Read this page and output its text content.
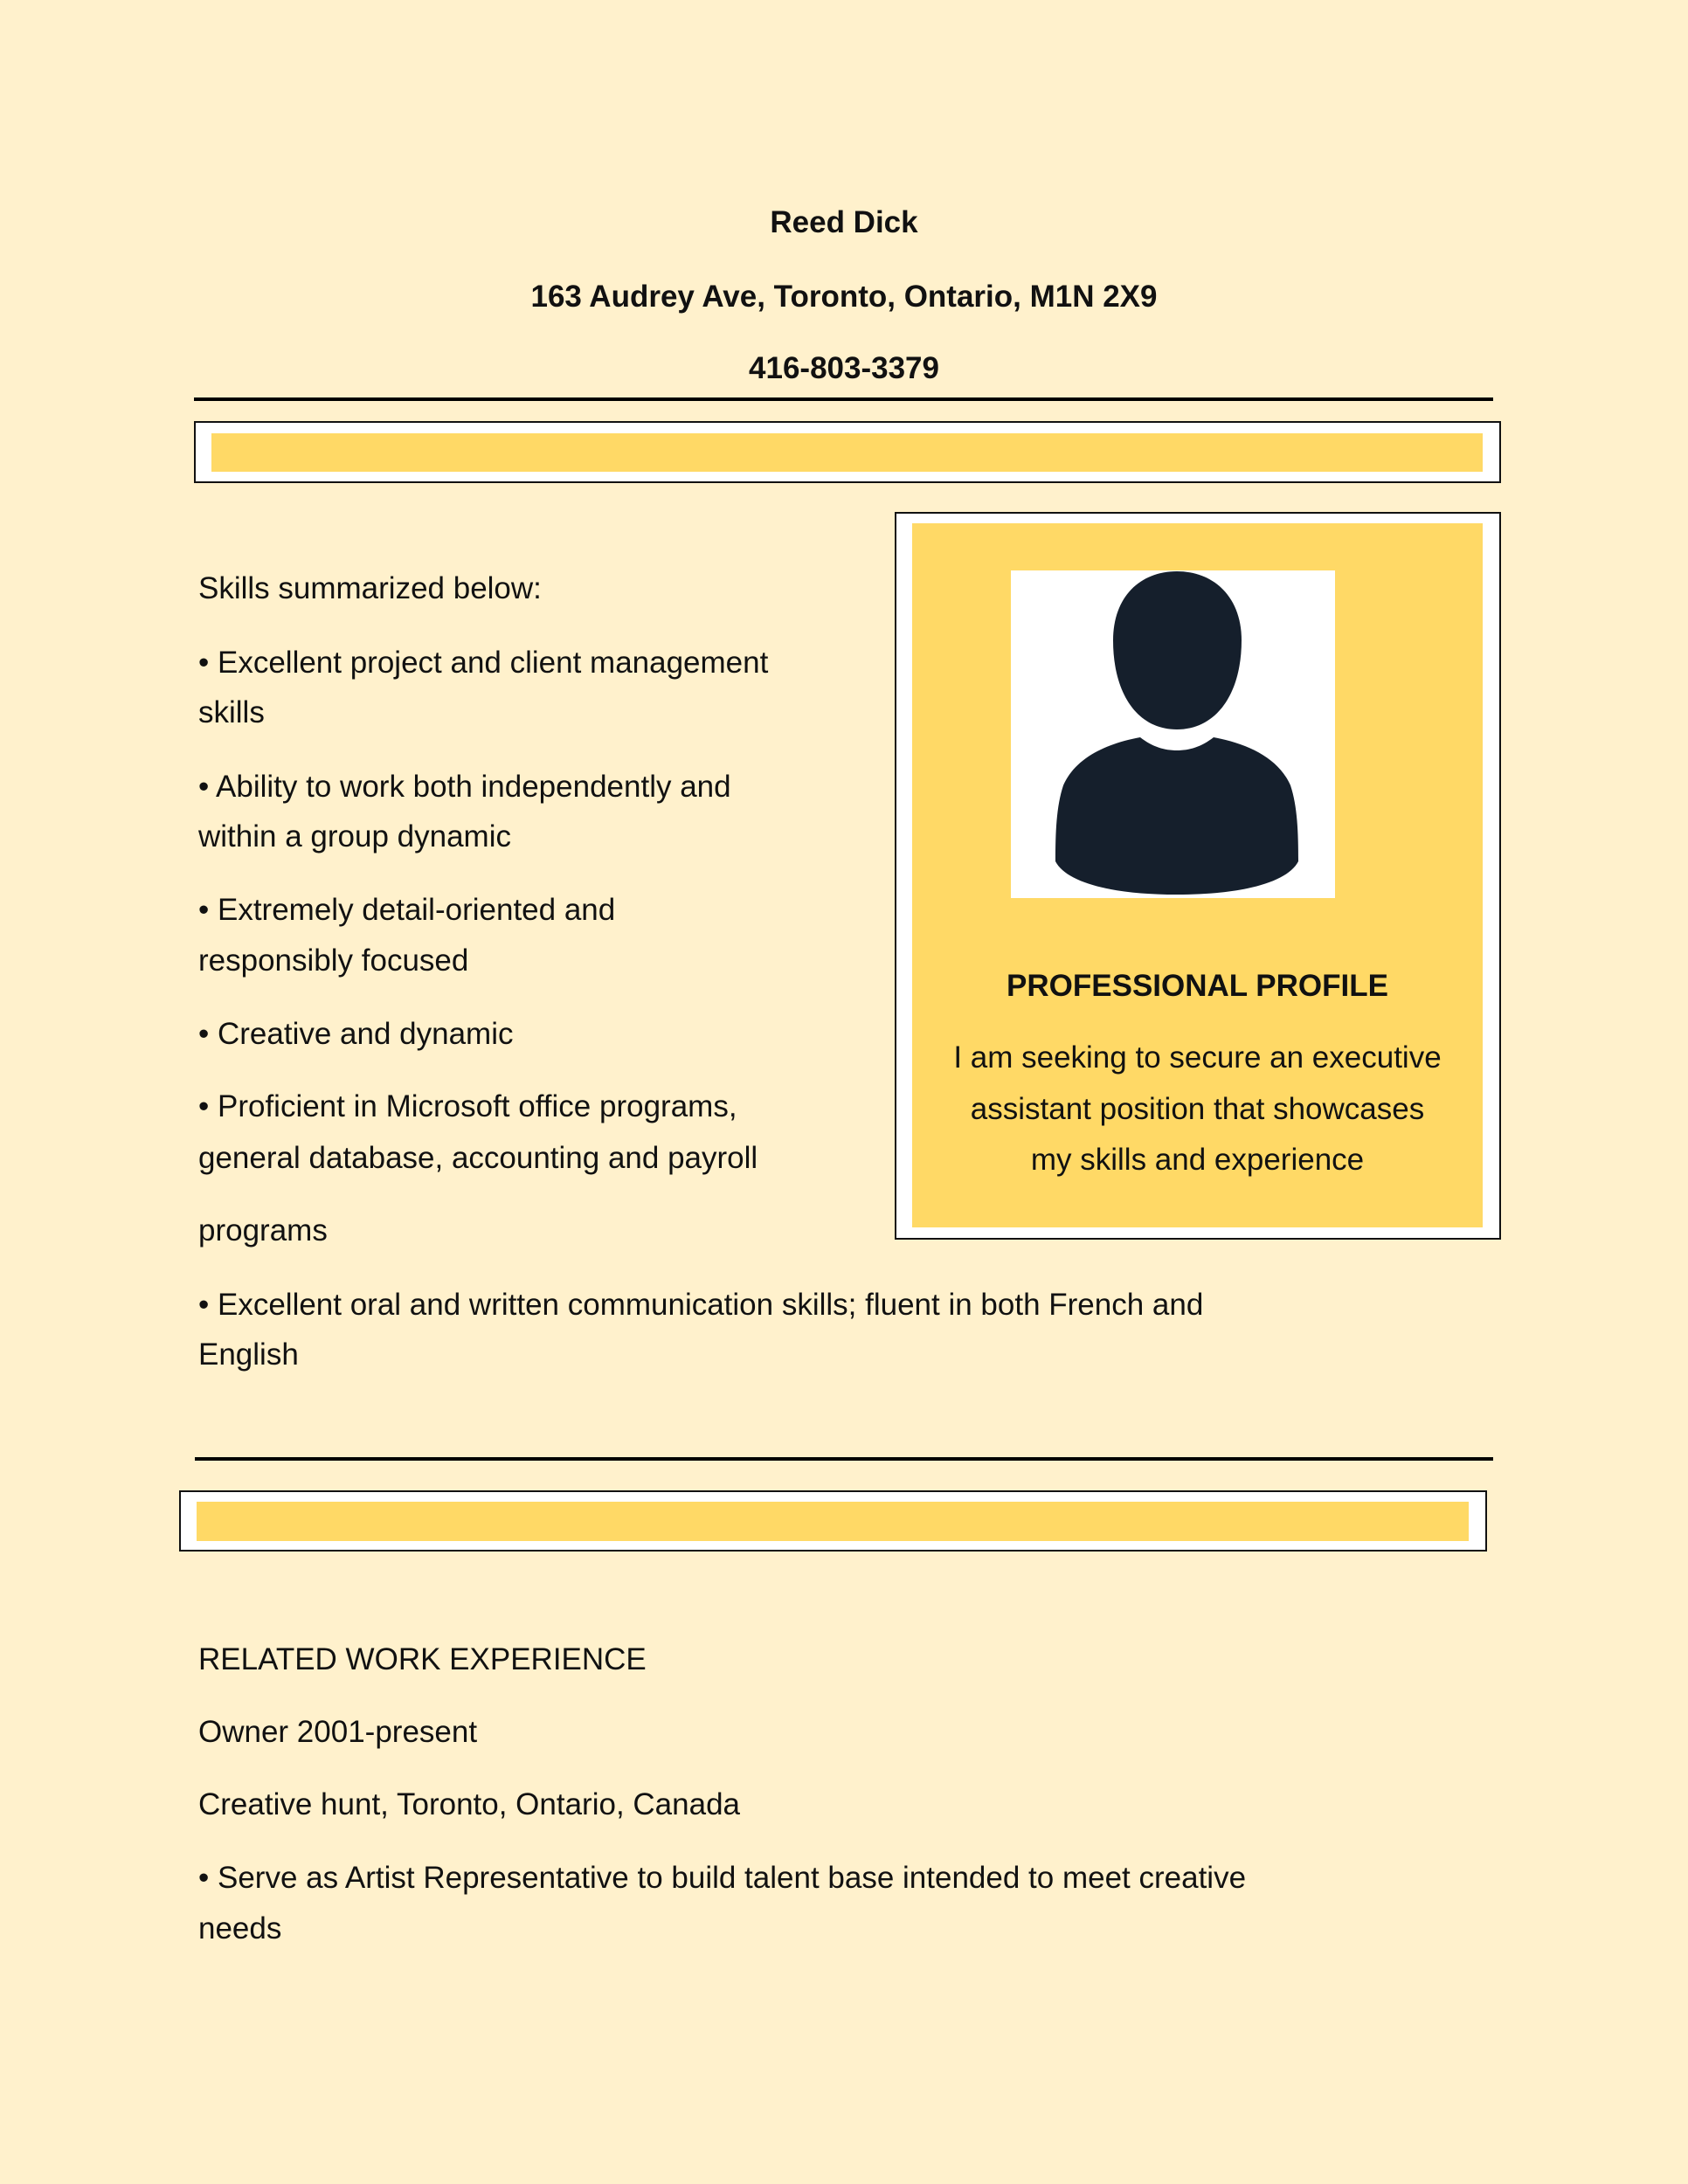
Reed Dick
163 Audrey Ave, Toronto, Ontario, M1N 2X9
416-803-3379
Skills summarized below:
• Excellent project and client management
skills
• Ability to work both independently and
within a group dynamic
• Extremely detail-oriented and
responsibly focused
• Creative and dynamic
• Proficient in Microsoft office programs,
general database, accounting and payroll
programs
• Excellent oral and written communication skills; fluent in both French and
English
PROFESSIONAL PROFILE
I am seeking to secure an executive
assistant position that showcases
my skills and experience
RELATED WORK EXPERIENCE
Owner 2001-present
Creative hunt, Toronto, Ontario, Canada
• Serve as Artist Representative to build talent base intended to meet creative
needs
